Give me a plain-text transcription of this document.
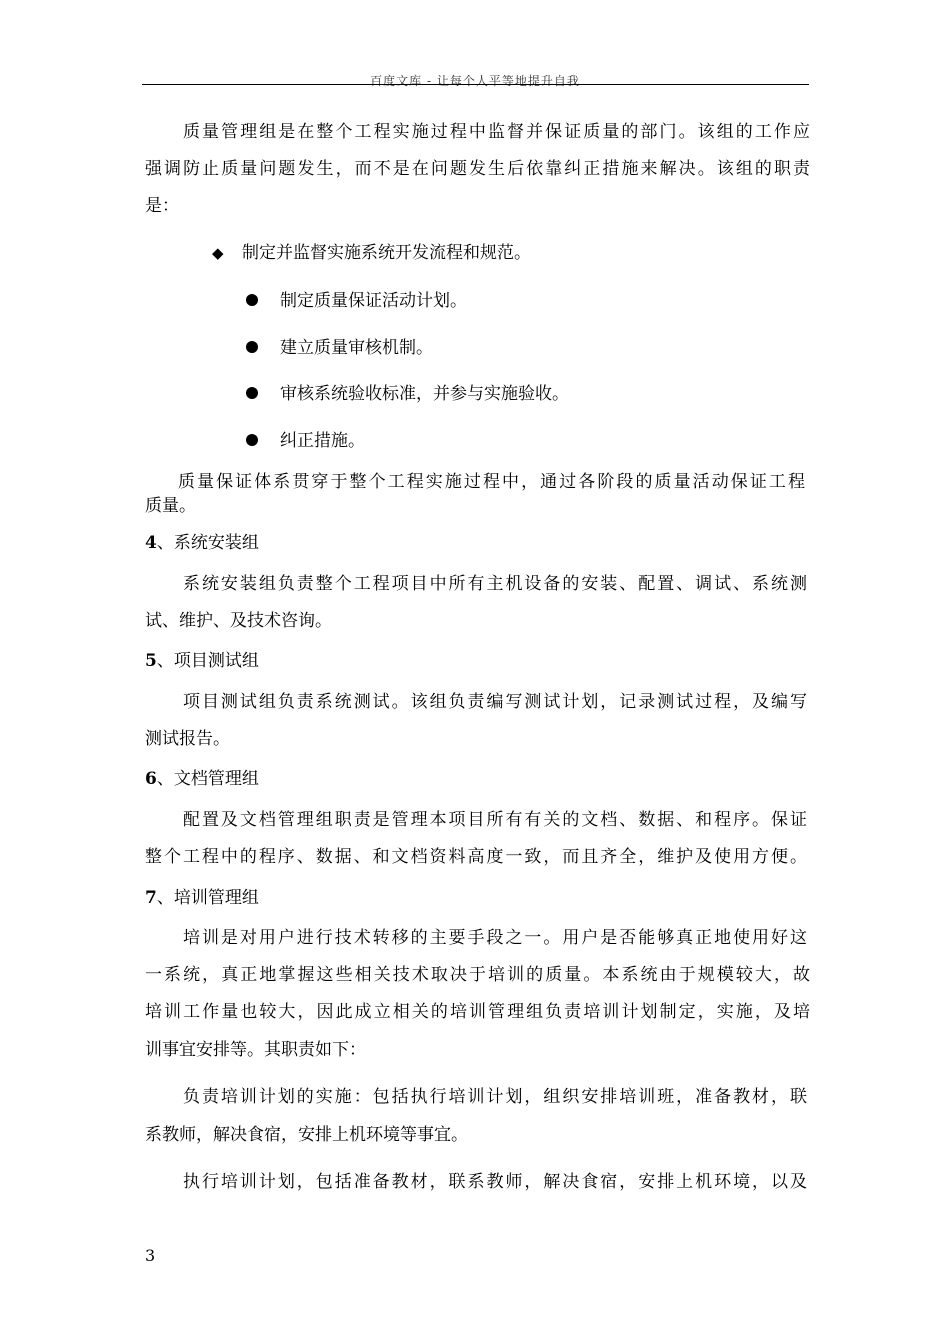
百度文库 - 让每个人平等地提升自我
质量管理组是在整个工程实施过程中监督并保证质量的部门。该组的工作应
强调防止质量问题发生，而不是在问题发生后依靠纠正措施来解决。该组的职责
是：
◆ 制定并监督实施系统开发流程和规范。
制定质量保证活动计划。
建立质量审核机制。
审核系统验收标准，并参与实施验收。
纠正措施。
质量保证体系贯穿于整个工程实施过程中，通过各阶段的质量活动保证工程
质量。
4、系统安装组
系统安装组负责整个工程项目中所有主机设备的安装、配置、调试、系统测
试、维护、及技术咨询。
5、项目测试组
项目测试组负责系统测试。该组负责编写测试计划，记录测试过程，及编写
测试报告。
6、文档管理组
配置及文档管理组职责是管理本项目所有有关的文档、数据、和程序。保证
整个工程中的程序、数据、和文档资料高度一致，而且齐全，维护及使用方便。
7、培训管理组
培训是对用户进行技术转移的主要手段之一。用户是否能够真正地使用好这
一系统，真正地掌握这些相关技术取决于培训的质量。本系统由于规模较大，故
培训工作量也较大，因此成立相关的培训管理组负责培训计划制定，实施，及培
训事宜安排等。其职责如下：
负责培训计划的实施：包括执行培训计划，组织安排培训班，准备教材，联
系教师，解决食宿，安排上机环境等事宜。
执行培训计划，包括准备教材，联系教师，解决食宿，安排上机环境，以及
3
